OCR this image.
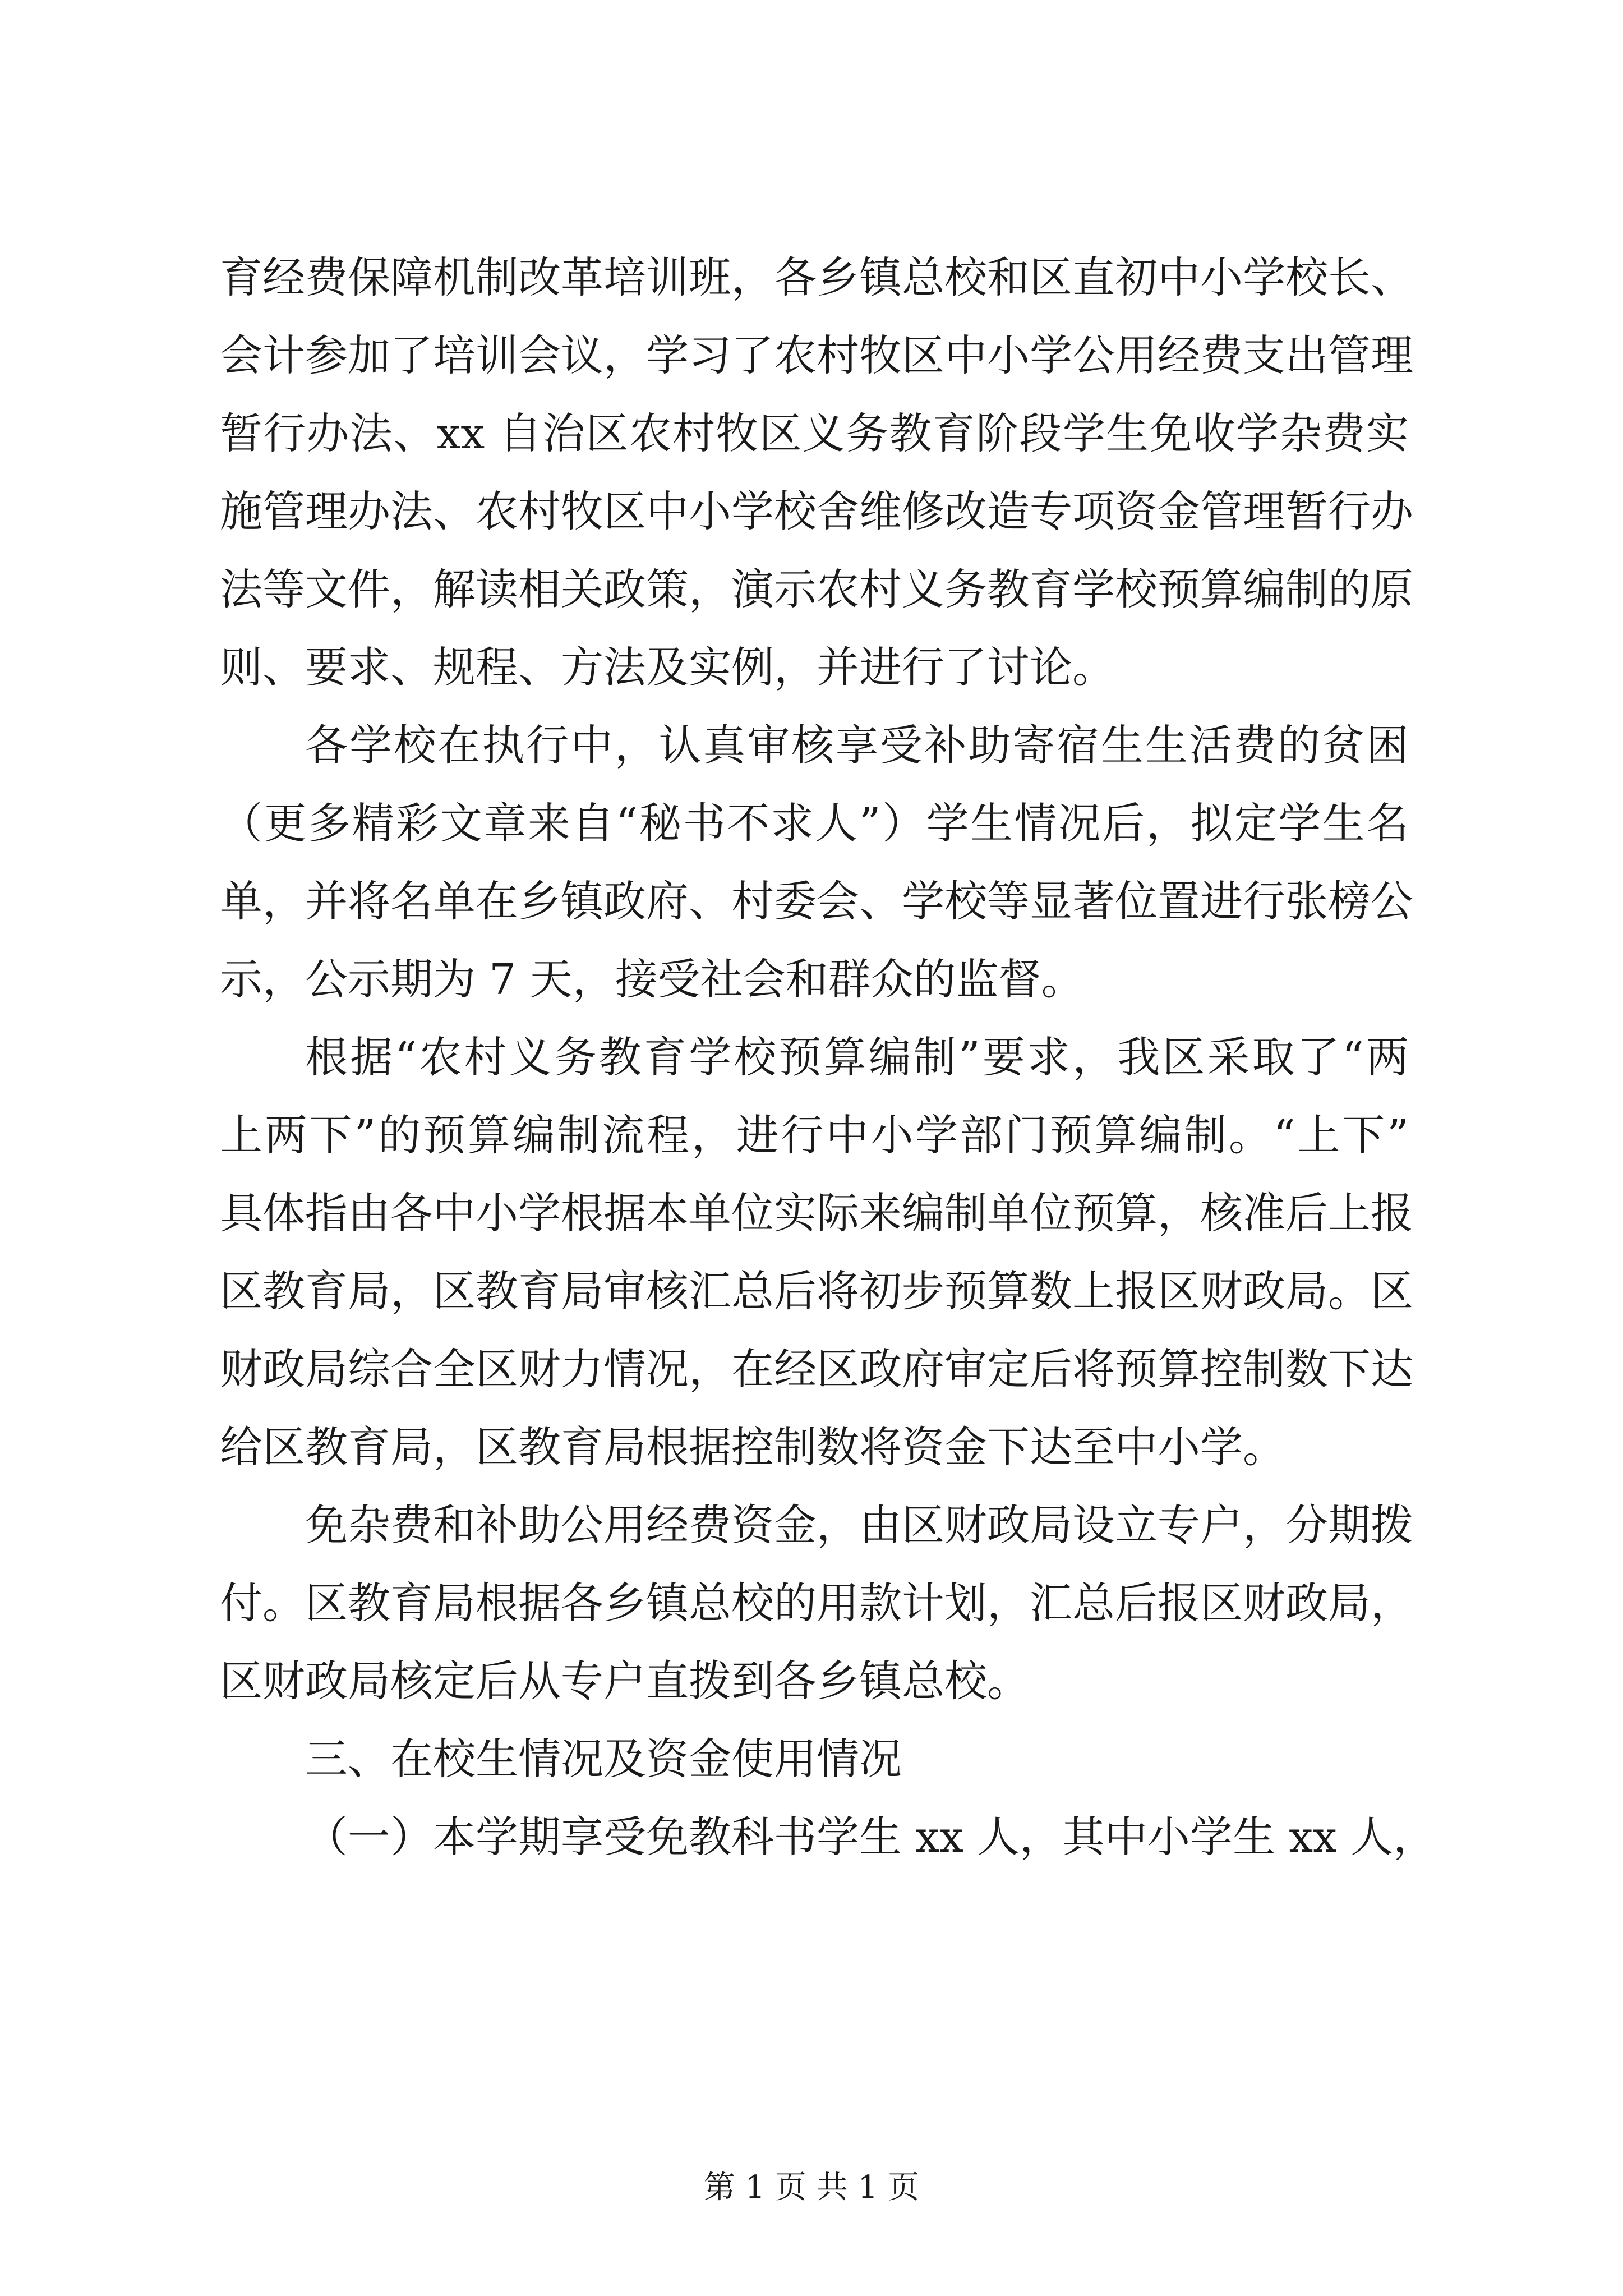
育经费保障机制改革培训班，各乡镇总校和区直初中小学校长、
会计参加了培训会议，学习了农村牧区中小学公用经费支出管理
暂行办法、xx 自治区农村牧区义务教育阶段学生免收学杂费实
施管理办法、农村牧区中小学校舍维修改造专项资金管理暂行办
法等文件，解读相关政策，演示农村义务教育学校预算编制的原
则、要求、规程、方法及实例，并进行了讨论。
各学校在执行中，认真审核享受补助寄宿生生活费的贫困
（更多精彩文章来自“秘书不求人”）学生情况后，拟定学生名
单，并将名单在乡镇政府、村委会、学校等显著位置进行张榜公
示，公示期为 7 天，接受社会和群众的监督。
根据“农村义务教育学校预算编制”要求，我区采取了“两
上两下”的预算编制流程，进行中小学部门预算编制。“上下”
具体指由各中小学根据本单位实际来编制单位预算，核准后上报
区教育局，区教育局审核汇总后将初步预算数上报区财政局。区
财政局综合全区财力情况，在经区政府审定后将预算控制数下达
给区教育局，区教育局根据控制数将资金下达至中小学。
免杂费和补助公用经费资金，由区财政局设立专户，分期拨
付。区教育局根据各乡镇总校的用款计划，汇总后报区财政局，
区财政局核定后从专户直拨到各乡镇总校。
三、在校生情况及资金使用情况
（一）本学期享受免教科书学生 xx 人，其中小学生 xx 人，
第 1 页 共 1 页
